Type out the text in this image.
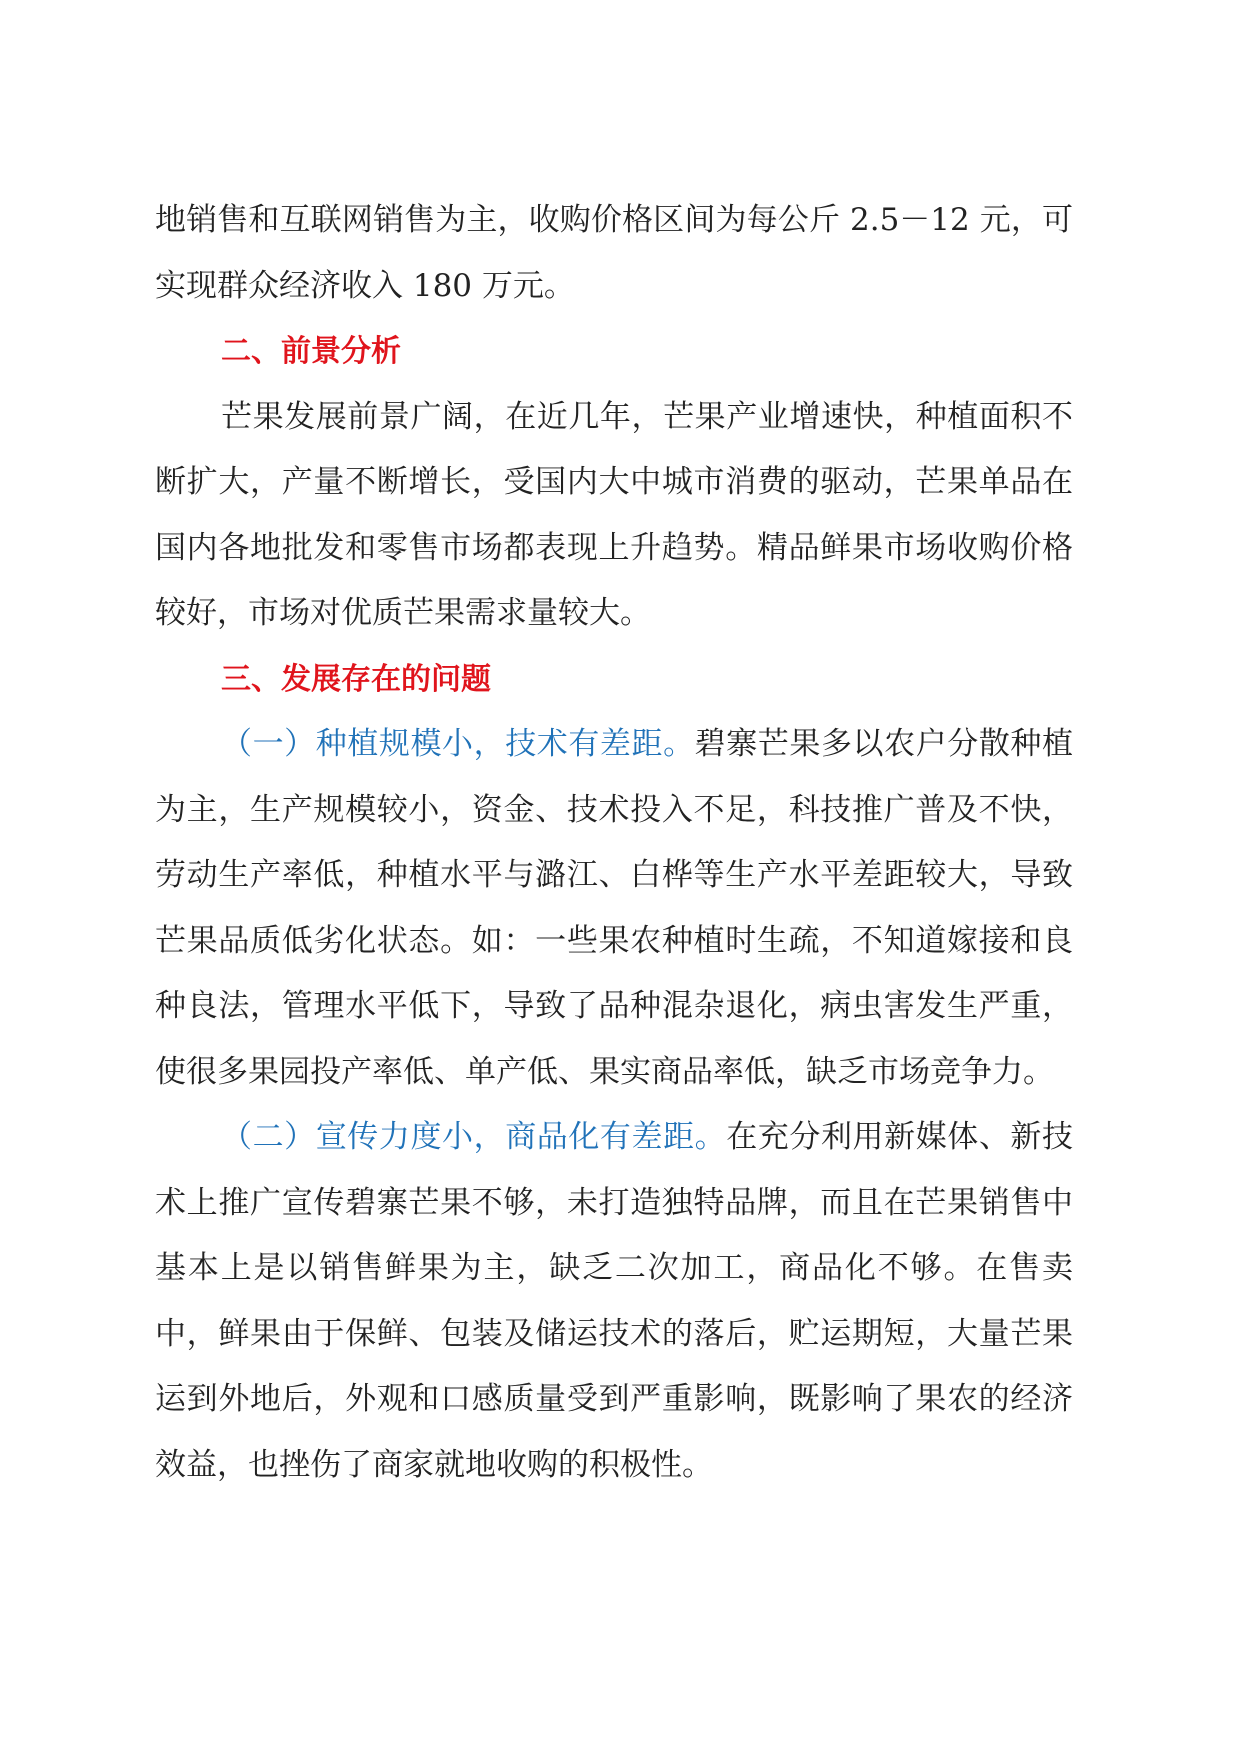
地销售和互联网销售为主，收购价格区间为每公斤 2.5－12 元，可实现群众经济收入 180 万元。

二、前景分析

芒果发展前景广阔，在近几年，芒果产业增速快，种植面积不断扩大，产量不断增长，受国内大中城市消费的驱动，芒果单品在国内各地批发和零售市场都表现上升趋势。精品鲜果市场收购价格较好，市场对优质芒果需求量较大。

三、发展存在的问题

（一）种植规模小，技术有差距。碧寨芒果多以农户分散种植为主，生产规模较小，资金、技术投入不足，科技推广普及不快，劳动生产率低，种植水平与潞江、白桦等生产水平差距较大，导致芒果品质低劣化状态。如：一些果农种植时生疏，不知道嫁接和良种良法，管理水平低下，导致了品种混杂退化，病虫害发生严重，使很多果园投产率低、单产低、果实商品率低，缺乏市场竞争力。

（二）宣传力度小，商品化有差距。在充分利用新媒体、新技术上推广宣传碧寨芒果不够，未打造独特品牌，而且在芒果销售中基本上是以销售鲜果为主，缺乏二次加工，商品化不够。在售卖中，鲜果由于保鲜、包装及储运技术的落后，贮运期短，大量芒果运到外地后，外观和口感质量受到严重影响，既影响了果农的经济效益，也挫伤了商家就地收购的积极性。
